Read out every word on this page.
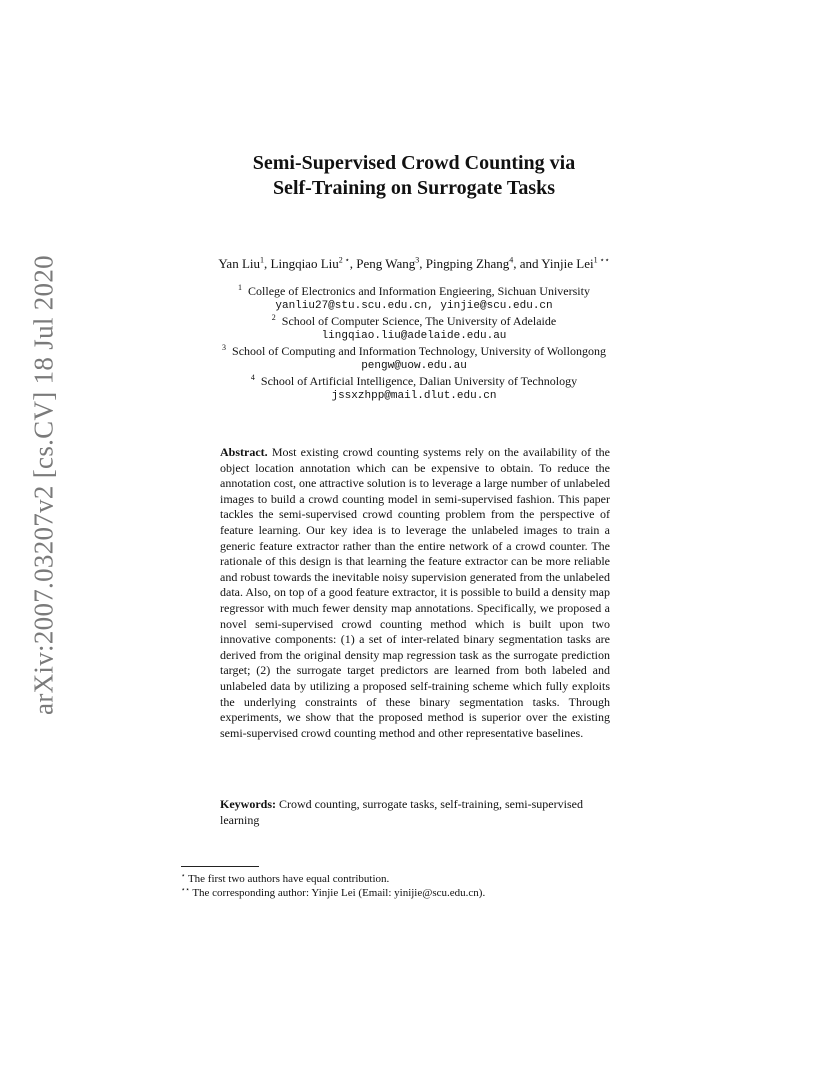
arXiv:2007.03207v2 [cs.CV] 18 Jul 2020
Semi-Supervised Crowd Counting via
Self-Training on Surrogate Tasks
Yan Liu$^1$, Lingqiao Liu$^{2 ⋆}$, Peng Wang$^3$, Pingping Zhang$^4$, and Yinjie Lei$^{1 ⋆⋆}$
$^1$ College of Electronics and Information Engieering, Sichuan University
yanliu27@stu.scu.edu.cn, yinjie@scu.edu.cn
$^2$ School of Computer Science, The University of Adelaide
lingqiao.liu@adelaide.edu.au
$^3$ School of Computing and Information Technology, University of Wollongong
pengw@uow.edu.au
$^4$ School of Artificial Intelligence, Dalian University of Technology
jssxzhpp@mail.dlut.edu.cn
Abstract. Most existing crowd counting systems rely on the availability of the object location annotation which can be expensive to obtain. To reduce the annotation cost, one attractive solution is to leverage a large number of unlabeled images to build a crowd counting model in semi-supervised fashion. This paper tackles the semi-supervised crowd counting problem from the perspective of feature learning. Our key idea is to leverage the unlabeled images to train a generic feature extractor rather than the entire network of a crowd counter. The rationale of this design is that learning the feature extractor can be more reliable and robust towards the inevitable noisy supervision generated from the unlabeled data. Also, on top of a good feature extractor, it is possible to build a density map regressor with much fewer density map annotations. Specifically, we proposed a novel semi-supervised crowd counting method which is built upon two innovative components: (1) a set of inter-related binary segmentation tasks are derived from the original density map regression task as the surrogate prediction target; (2) the surrogate target predictors are learned from both labeled and unlabeled data by utilizing a proposed self-training scheme which fully exploits the underlying constraints of these binary segmentation tasks. Through experiments, we show that the proposed method is superior over the existing semi-supervised crowd counting method and other representative baselines.
Keywords: Crowd counting, surrogate tasks, self-training, semi-supervised learning
⋆ The first two authors have equal contribution.
⋆⋆ The corresponding author: Yinjie Lei (Email: yinijie@scu.edu.cn).
